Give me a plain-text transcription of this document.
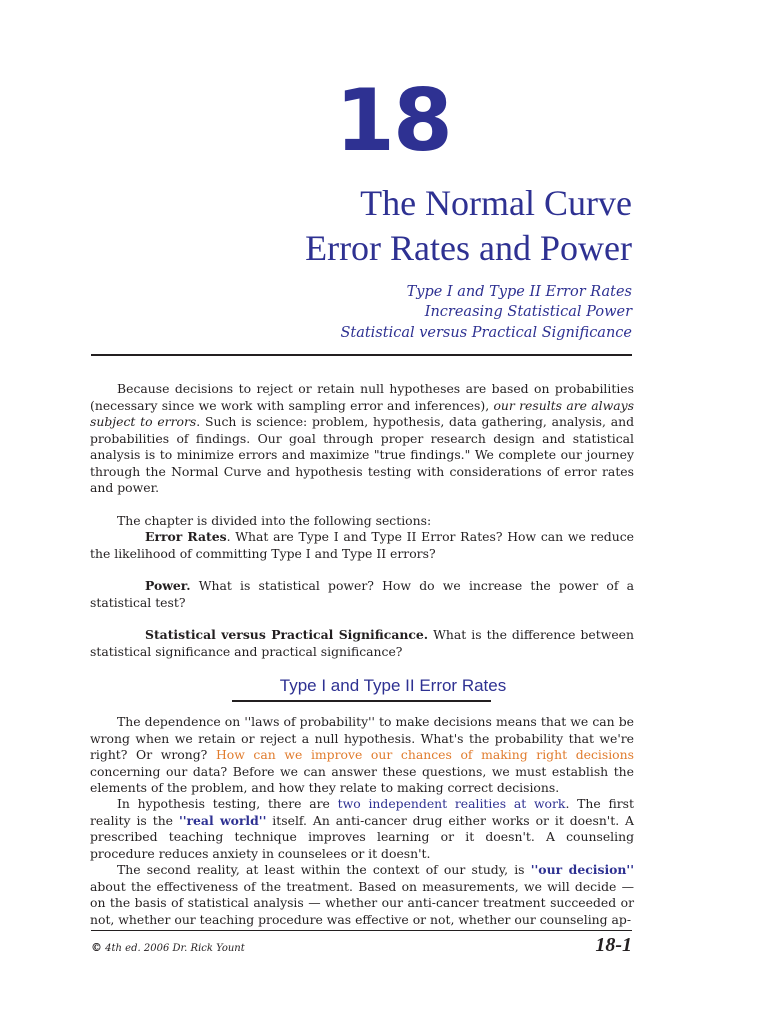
18
The Normal Curve
Error Rates and Power
Type I and Type II Error Rates
Increasing Statistical Power
Statistical versus Practical Significance
Because decisions to reject or retain null hypotheses are based on probabilities (necessary since we work with sampling error and inferences), our results are always subject to errors. Such is science: problem, hypothesis, data gathering, analysis, and probabilities of findings. Our goal through proper research design and statistical analysis is to minimize errors and maximize "true findings." We complete our journey through the Normal Curve and hypothesis testing with considerations of error rates and power.
The chapter is divided into the following sections:
Error Rates. What are Type I and Type II Error Rates? How can we reduce the likelihood of committing Type I and Type II errors?
Power. What is statistical power? How do we increase the power of a statistical test?
Statistical versus Practical Significance. What is the difference between statistical significance and practical significance?
Type I and Type II Error Rates
The dependence on ''laws of probability'' to make decisions means that we can be wrong when we retain or reject a null hypothesis. What's the probability that we're right? Or wrong? How can we improve our chances of making right decisions concerning our data? Before we can answer these questions, we must establish the elements of the problem, and how they relate to making correct decisions.
In hypothesis testing, there are two independent realities at work. The first reality is the ''real world'' itself. An anti-cancer drug either works or it doesn't. A prescribed teaching technique improves learning or it doesn't. A counseling procedure reduces anxiety in counselees or it doesn't.
The second reality, at least within the context of our study, is ''our decision'' about the effectiveness of the treatment. Based on measurements, we will decide — on the basis of statistical analysis — whether our anti-cancer treatment succeeded or not, whether our teaching procedure was effective or not, whether our counseling ap-
© 4th ed. 2006 Dr. Rick Yount	18-1
